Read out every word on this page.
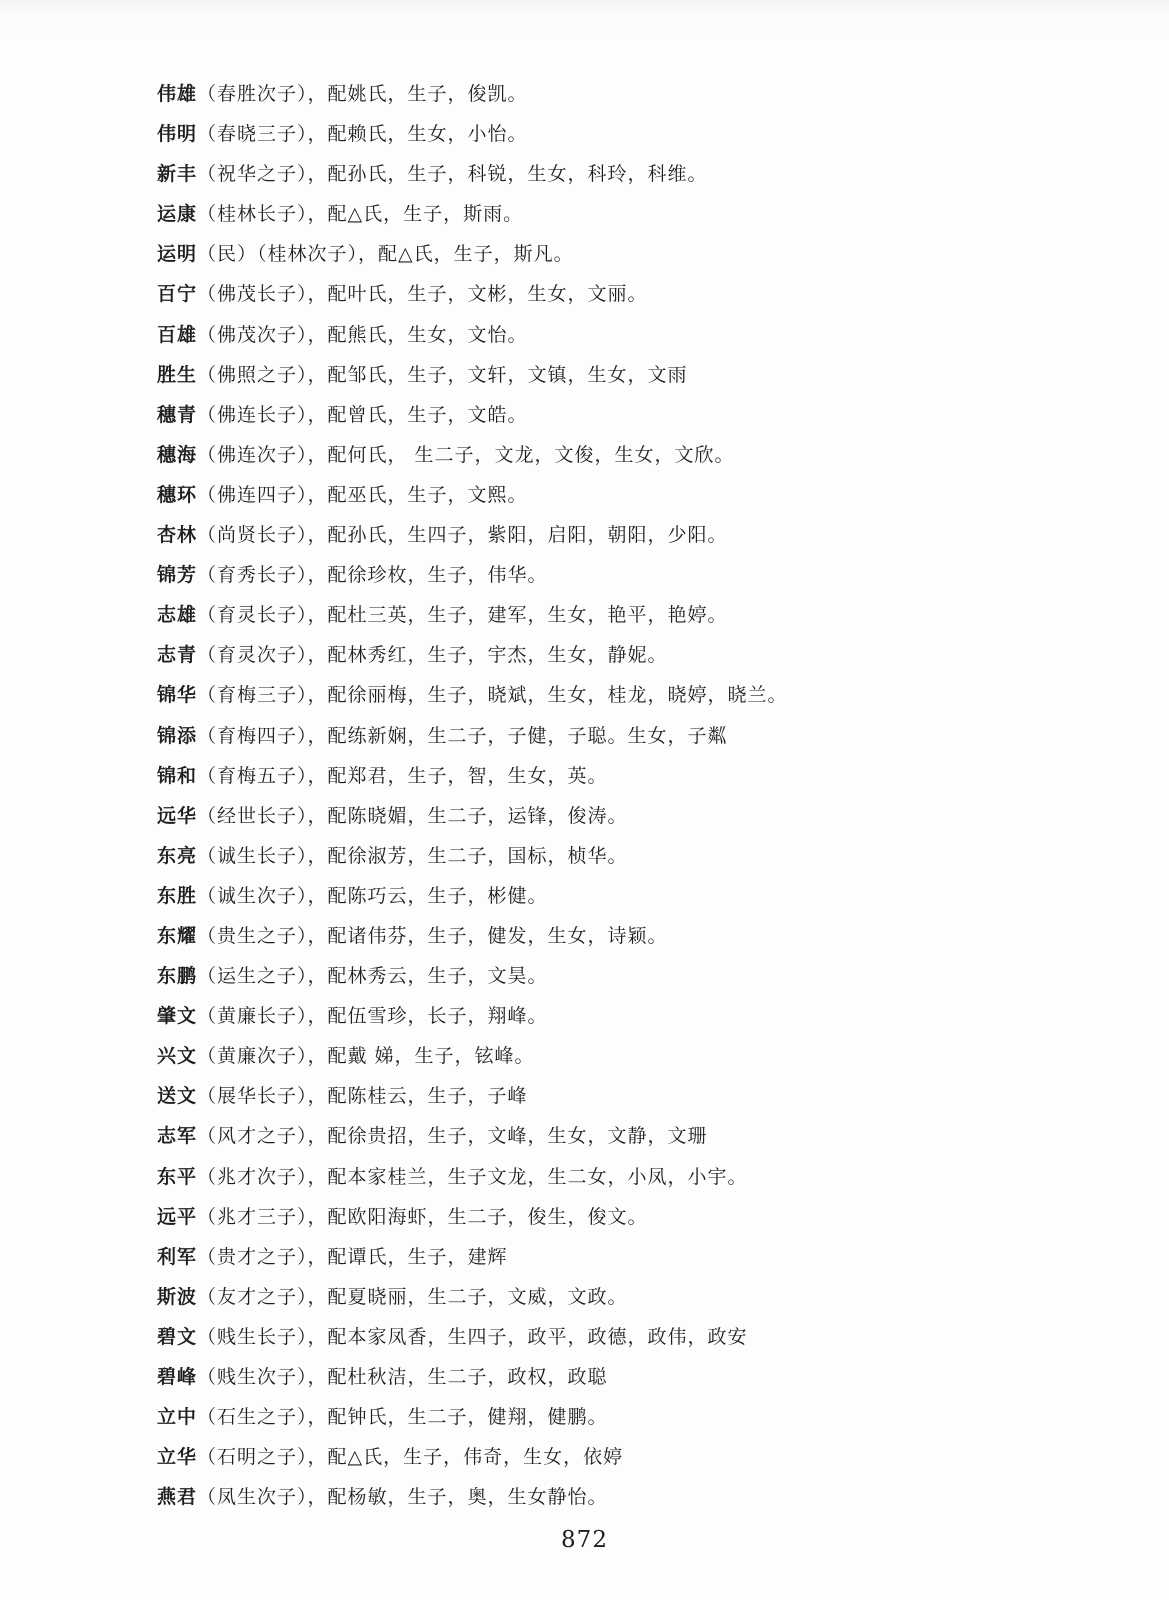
伟雄（春胜次子），配姚氏，生子，俊凯。
伟明（春晓三子），配赖氏，生女，小怡。
新丰（祝华之子），配孙氏，生子，科锐，生女，科玲，科维。
运康（桂林长子），配△氏，生子，斯雨。
运明（民）（桂林次子），配△氏，生子，斯凡。
百宁（佛茂长子），配叶氏，生子，文彬，生女，文丽。
百雄（佛茂次子），配熊氏，生女，文怡。
胜生（佛照之子），配邹氏，生子，文轩，文镇，生女，文雨
穗青（佛连长子），配曾氏，生子，文皓。
穗海（佛连次子），配何氏， 生二子，文龙，文俊，生女，文欣。
穗环（佛连四子），配巫氏，生子，文熙。
杏林（尚贤长子），配孙氏，生四子，紫阳，启阳，朝阳，少阳。
锦芳（育秀长子），配徐珍枚，生子，伟华。
志雄（育灵长子），配杜三英，生子，建军，生女，艳平，艳婷。
志青（育灵次子），配林秀红，生子，宇杰，生女，静妮。
锦华（育梅三子），配徐丽梅，生子，晓斌，生女，桂龙，晓婷，晓兰。
锦添（育梅四子），配练新娴，生二子，子健，子聪。生女，子粼
锦和（育梅五子），配郑君，生子，智，生女，英。
远华（经世长子），配陈晓媚，生二子，运锋，俊涛。
东亮（诚生长子），配徐淑芳，生二子，国标，桢华。
东胜（诚生次子），配陈巧云，生子，彬健。
东耀（贵生之子），配诸伟芬，生子，健发，生女，诗颖。
东鹏（运生之子），配林秀云，生子，文昊。
肇文（黄廉长子），配伍雪珍，长子，翔峰。
兴文（黄廉次子），配戴 娣，生子，铉峰。
送文（展华长子），配陈桂云，生子，子峰
志军（风才之子），配徐贵招，生子，文峰，生女，文静，文珊
东平（兆才次子），配本家桂兰，生子文龙，生二女，小凤，小宇。
远平（兆才三子），配欧阳海虾，生二子，俊生，俊文。
利军（贵才之子），配谭氏，生子，建辉
斯波（友才之子），配夏晓丽，生二子，文威，文政。
碧文（贱生长子），配本家凤香，生四子，政平，政德，政伟，政安
碧峰（贱生次子），配杜秋洁，生二子，政权，政聪
立中（石生之子），配钟氏，生二子，健翔，健鹏。
立华（石明之子），配△氏，生子，伟奇，生女，依婷
燕君（凤生次子），配杨敏，生子，奥，生女静怡。
872
